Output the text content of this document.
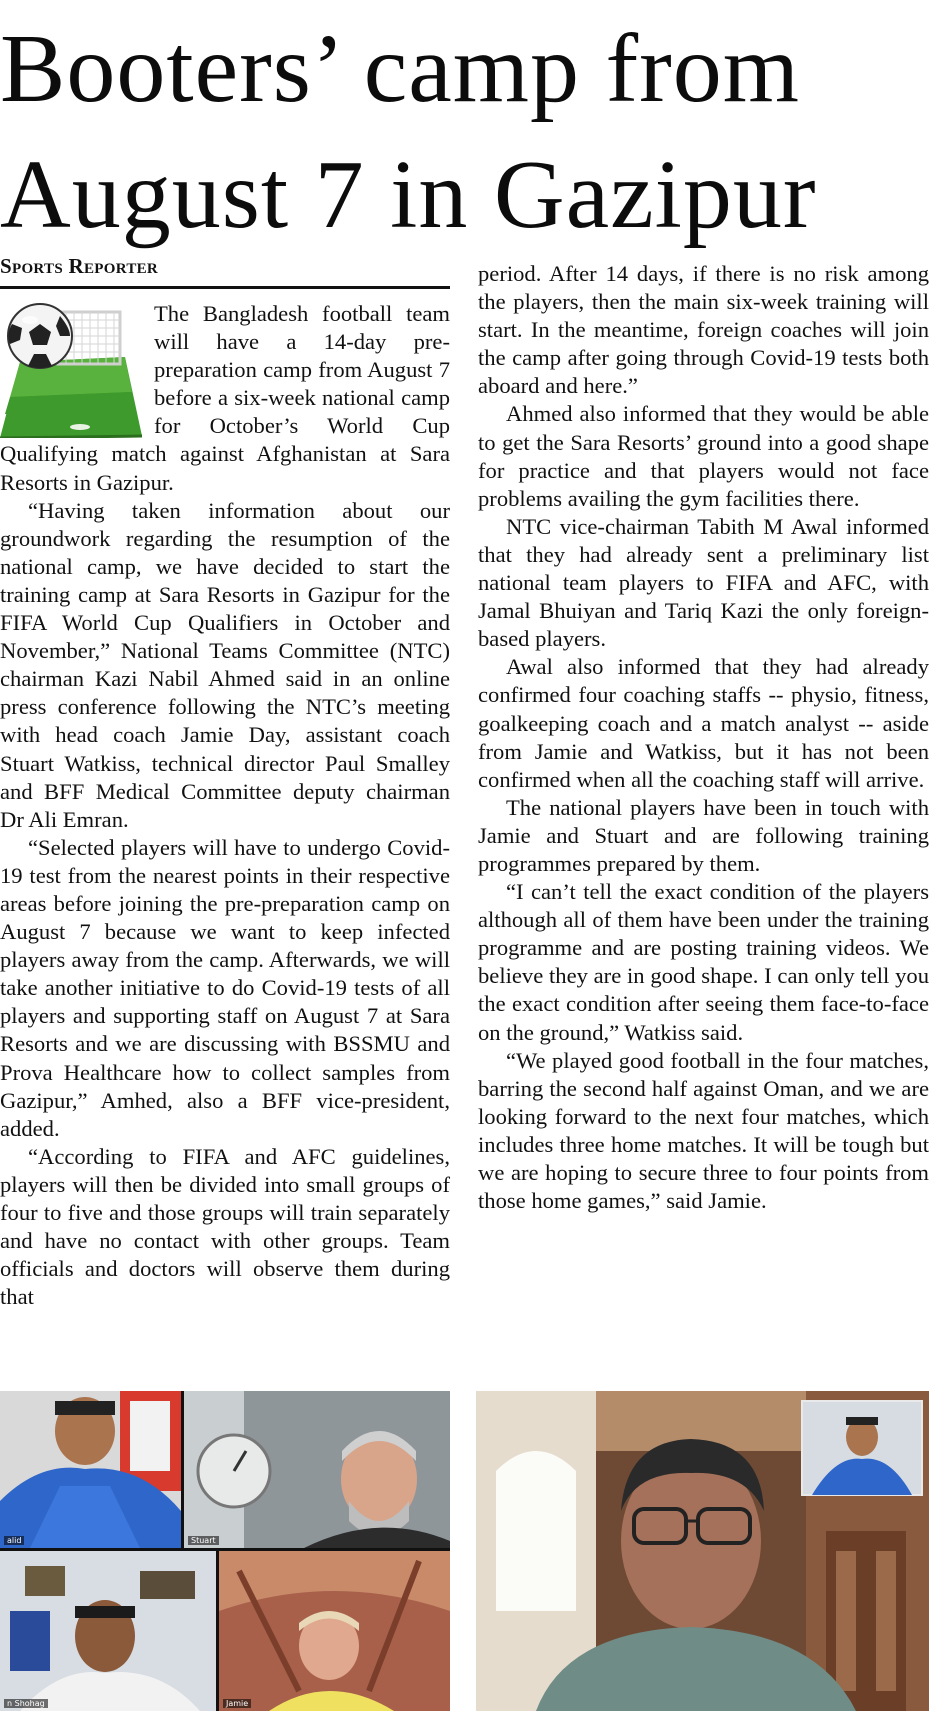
Booters’ camp from
August 7 in Gazipur
Sports Reporter

The Bangladesh football team will have a 14-day pre-preparation camp from August 7 before a six-week national camp for October’s World Cup Qualifying match against Afghanistan at Sara Resorts in Gazipur.

“Having taken information about our groundwork regarding the resumption of the national camp, we have decided to start the training camp at Sara Resorts in Gazipur for the FIFA World Cup Qualifiers in October and November,” National Teams Committee (NTC) chairman Kazi Nabil Ahmed said in an online press conference following the NTC’s meeting with head coach Jamie Day, assistant coach Stuart Watkiss, technical director Paul Smalley and BFF Medical Committee deputy chairman Dr Ali Emran.

“Selected players will have to undergo Covid-19 test from the nearest points in their respective areas before joining the pre-preparation camp on August 7 because we want to keep infected players away from the camp. Afterwards, we will take another initiative to do Covid-19 tests of all players and supporting staff on August 7 at Sara Resorts and we are discussing with BSSMU and Prova Healthcare how to collect samples from Gazipur,” Amhed, also a BFF vice-president, added.

“According to FIFA and AFC guidelines, players will then be divided into small groups of four to five and those groups will train separately and have no contact with other groups. Team officials and doctors will observe them during that

period. After 14 days, if there is no risk among the players, then the main six-week training will start. In the meantime, foreign coaches will join the camp after going through Covid-19 tests both aboard and here.”

Ahmed also informed that they would be able to get the Sara Resorts’ ground into a good shape for practice and that players would not face problems availing the gym facilities there.

NTC vice-chairman Tabith M Awal informed that they had already sent a preliminary list national team players to FIFA and AFC, with Jamal Bhuiyan and Tariq Kazi the only foreign-based players.

Awal also informed that they had already confirmed four coaching staffs -- physio, fitness, goalkeeping coach and a match analyst -- aside from Jamie and Watkiss, but it has not been confirmed when all the coaching staff will arrive.

The national players have been in touch with Jamie and Stuart and are following training programmes prepared by them.

“I can’t tell the exact condition of the players although all of them have been under the training programme and are posting training videos. We believe they are in good shape. I can only tell you the exact condition after seeing them face-to-face on the ground,” Watkiss said.

“We played good football in the four matches, barring the second half against Oman, and we are looking forward to the next four matches, which includes three home matches. It will be tough but we are hoping to secure three to four points from those home games,” said Jamie.

alid	Stuart
n Shohag	Jamie
